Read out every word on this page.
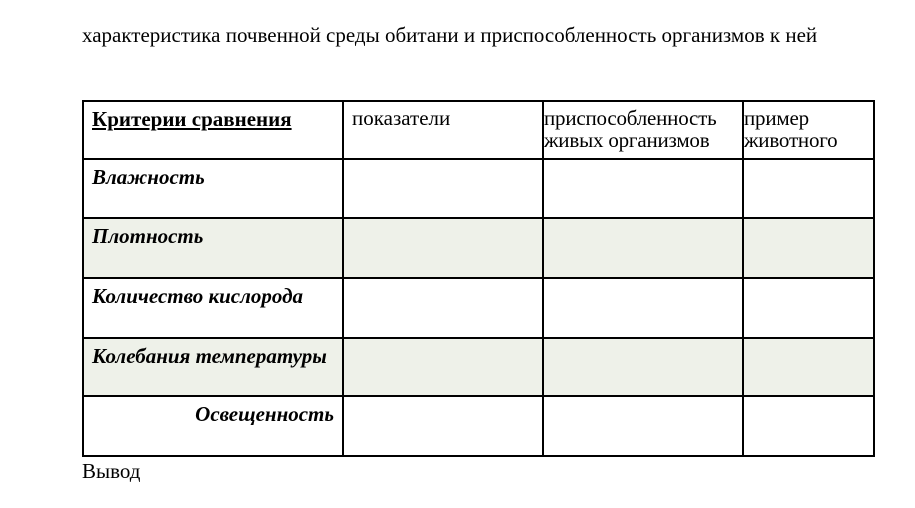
характеристика почвенной среды обитани и приспособленность организмов к ней

Критерии сравнения	показатели	приспособленность живых организмов	пример животного
Влажность			
Плотность			
Количество кислорода			
Колебания температуры			
Освещенность			

Вывод
